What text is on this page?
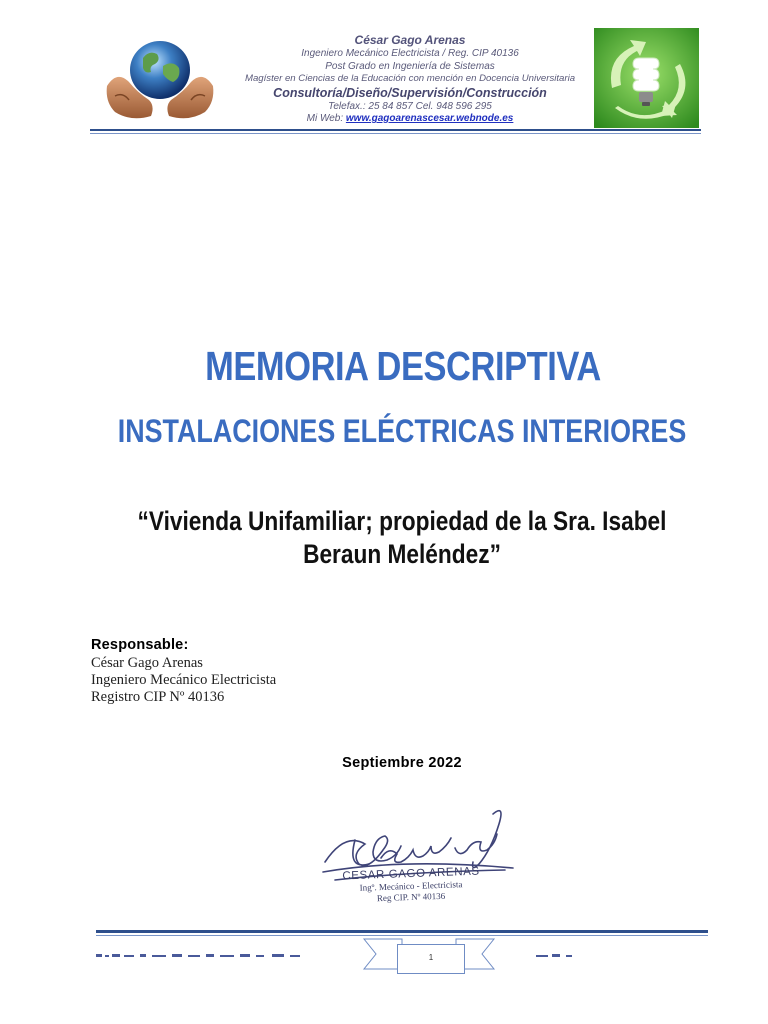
César Gago Arenas
Ingeniero Mecánico Electricista / Reg. CIP 40136
Post Grado en Ingeniería de Sistemas
Magíster en Ciencias de la Educación con mención en Docencia Universitaria
Consultoría/Diseño/Supervisión/Construcción
Telefax.: 25 84 857 Cel. 948 596 295
Mi Web: www.gagoarenascesar.webnode.es
MEMORIA DESCRIPTIVA
INSTALACIONES ELÉCTRICAS INTERIORES
“Vivienda Unifamiliar; propiedad de la Sra. Isabel
Beraun Meléndez”
Responsable:
César Gago Arenas
Ingeniero Mecánico Electricista
Registro CIP Nº 40136
Septiembre 2022
CESAR GAGO ARENAS
Ingº. Mecánico - Electricista
Reg CIP. Nº 40136
1
